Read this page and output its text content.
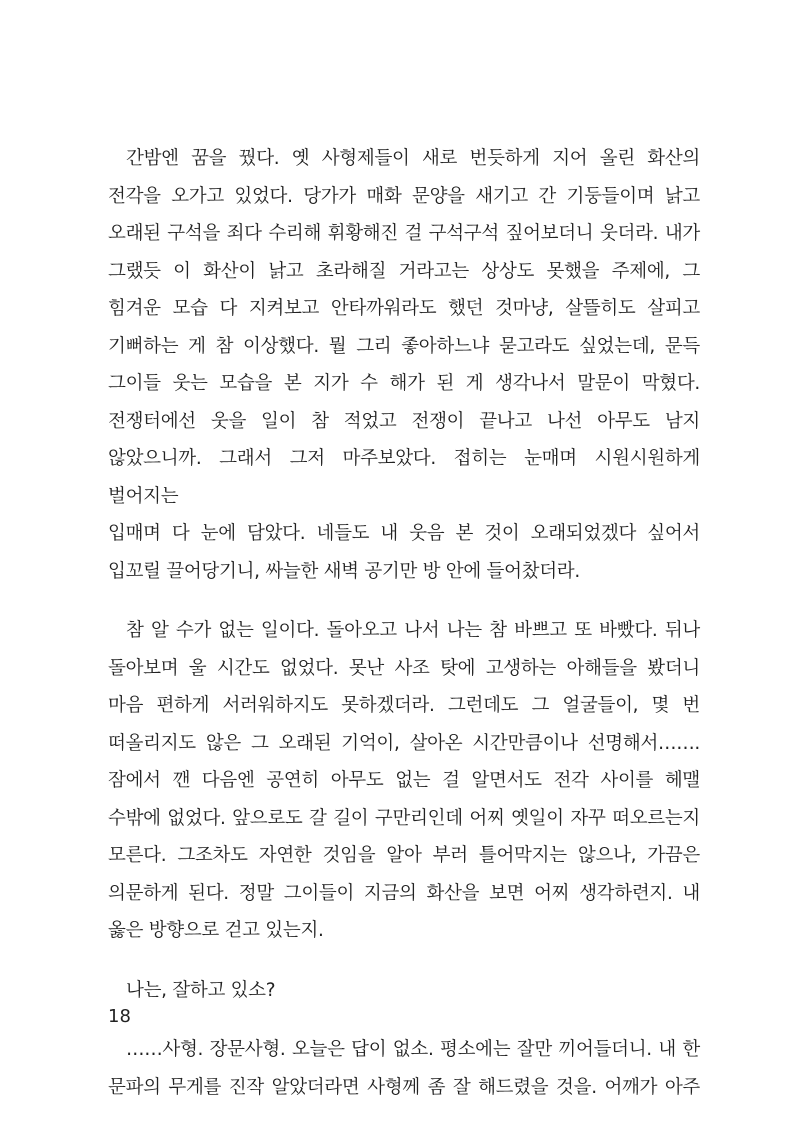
간밤엔 꿈을 꿨다. 옛 사형제들이 새로 번듯하게 지어 올린 화산의

전각을 오가고 있었다. 당가가 매화 문양을 새기고 간 기둥들이며 낡고

오래된 구석을 죄다 수리해 휘황해진 걸 구석구석 짚어보더니 웃더라. 내가

그랬듯 이 화산이 낡고 초라해질 거라고는 상상도 못했을 주제에, 그

힘겨운 모습 다 지켜보고 안타까워라도 했던 것마냥, 살뜰히도 살피고

기뻐하는 게 참 이상했다. 뭘 그리 좋아하느냐 묻고라도 싶었는데, 문득

그이들 웃는 모습을 본 지가 수 해가 된 게 생각나서 말문이 막혔다.

전쟁터에선 웃을 일이 참 적었고 전쟁이 끝나고 나선 아무도 남지

않았으니까. 그래서 그저 마주보았다. 접히는 눈매며 시원시원하게 벌어지는

입매며 다 눈에 담았다. 네들도 내 웃음 본 것이 오래되었겠다 싶어서

입꼬릴 끌어당기니, 싸늘한 새벽 공기만 방 안에 들어찼더라.

참 알 수가 없는 일이다. 돌아오고 나서 나는 참 바쁘고 또 바빴다. 뒤나

돌아보며 울 시간도 없었다. 못난 사조 탓에 고생하는 아해들을 봤더니

마음 편하게 서러워하지도 못하겠더라. 그런데도 그 얼굴들이, 몇 번

떠올리지도 않은 그 오래된 기억이, 살아온 시간만큼이나 선명해서…….

잠에서 깬 다음엔 공연히 아무도 없는 걸 알면서도 전각 사이를 헤맬

수밖에 없었다. 앞으로도 갈 길이 구만리인데 어찌 옛일이 자꾸 떠오르는지

모른다. 그조차도 자연한 것임을 알아 부러 틀어막지는 않으나, 가끔은

의문하게 된다. 정말 그이들이 지금의 화산을 보면 어찌 생각하련지. 내

옳은 방향으로 걷고 있는지.

나는, 잘하고 있소?

……사형. 장문사형. 오늘은 답이 없소. 평소에는 잘만 끼어들더니. 내 한

문파의 무게를 진작 알았더라면 사형께 좀 잘 해드렸을 것을. 어깨가 아주

18
